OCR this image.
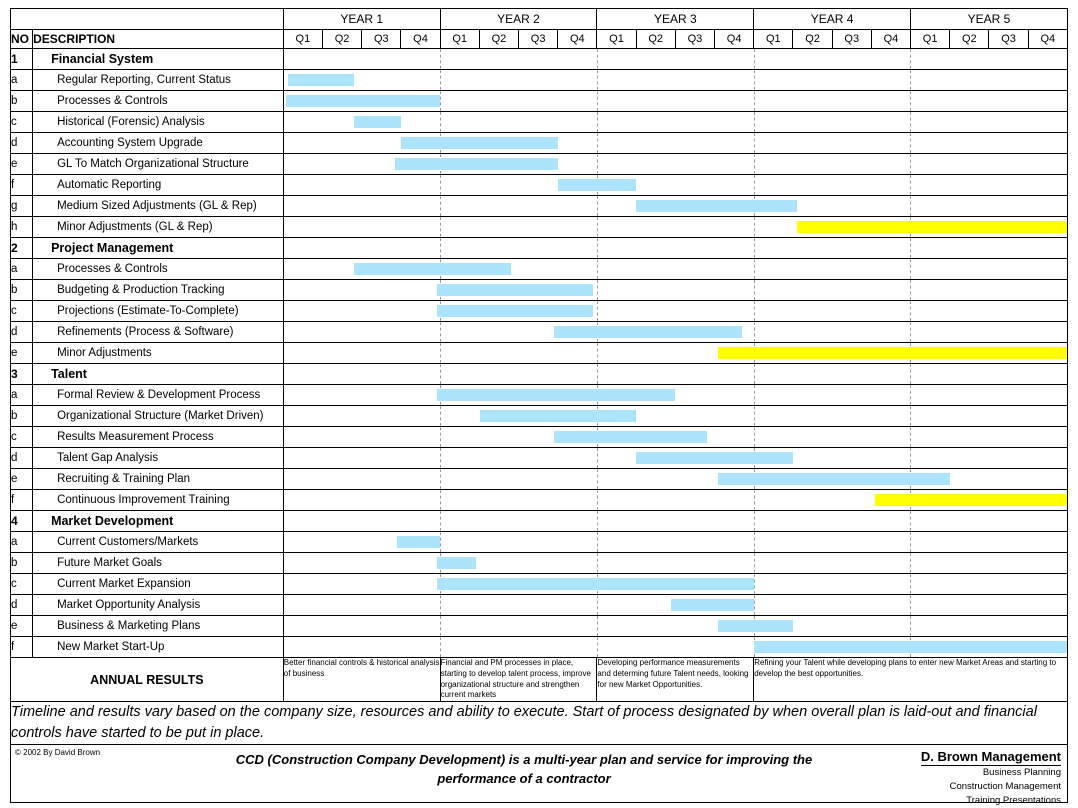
		YEAR 1				YEAR 2				YEAR 3				YEAR 4				YEAR 5			
NO	DESCRIPTION	Q1	Q2	Q3	Q4	Q1	Q2	Q3	Q4	Q1	Q2	Q3	Q4	Q1	Q2	Q3	Q4	Q1	Q2	Q3	Q4
1	Financial System																				

a	Regular Reporting, Current Status																				

b	Processes & Controls																				

c	Historical (Forensic) Analysis																				

d	Accounting System Upgrade																				

e	GL To Match Organizational Structure																				

f	Automatic Reporting																				

g	Medium Sized Adjustments (GL & Rep)																				

h	Minor Adjustments (GL & Rep)																				

2	Project Management																				

a	Processes & Controls																				

b	Budgeting & Production Tracking																				

c	Projections (Estimate-To-Complete)																				

d	Refinements (Process & Software)																				

e	Minor Adjustments																				

3	Talent																				

a	Formal Review & Development Process																				

b	Organizational Structure (Market Driven)																				

c	Results Measurement Process																				

d	Talent Gap Analysis																				

e	Recruiting & Training Plan																				

f	Continuous Improvement Training																				

4	Market Development																				

a	Current Customers/Markets																				

b	Future Market Goals																				

c	Current Market Expansion																				

d	Market Opportunity Analysis																				

e	Business & Marketing Plans																				

f	New Market Start-Up																				

ANNUAL RESULTS		Better financial controls & historical analysis of business				Financial and PM processes in place, starting to develop talent process, improve organizational structure and strengthen current markets				Developing performance measurements and determing future Talent needs, looking for new Market Opportunities.				Refining your Talent while developing plans to enter new Market Areas and starting to develop the best opportunities.							
Timeline and results vary based on the company size, resources and ability to execute. Start of process designated by when overall plan is laid-out and financial controls have started to be put in place.																					
© 2002 By David Brown	CCD (Construction Company Development) is a multi-year plan and service for improving the
performance of a contractor
D. Brown Management
Business Planning
Construction Management
Training Presentations
